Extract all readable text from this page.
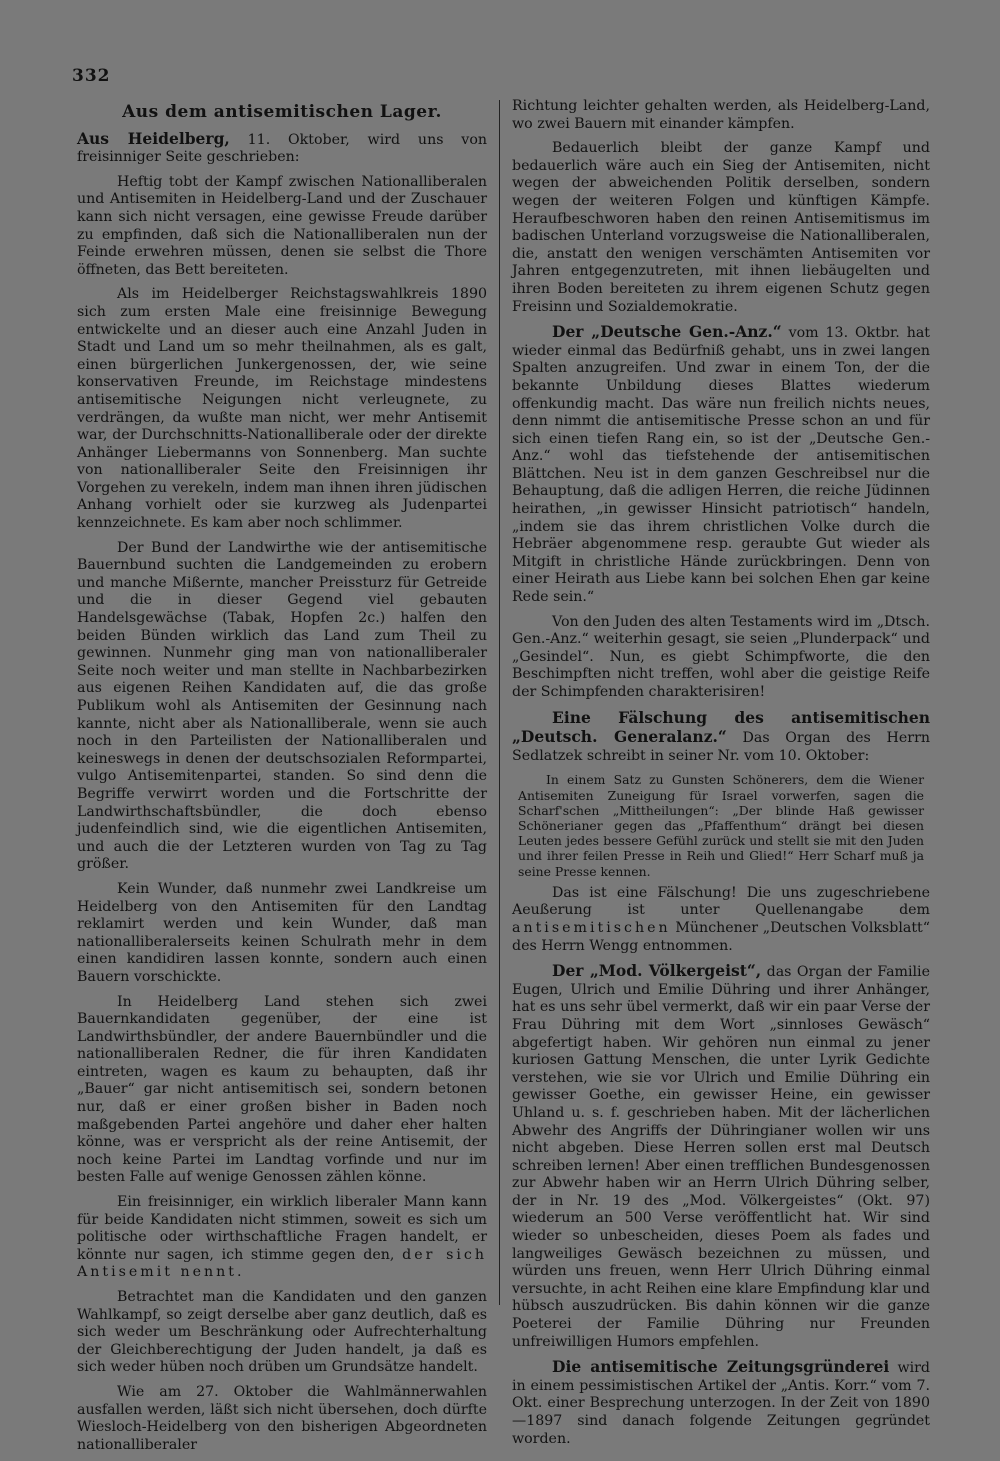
332
Aus dem antisemitischen Lager.

Aus Heidelberg, 11. Oktober, wird uns von freisinniger Seite geschrieben:

Heftig tobt der Kampf zwischen Nationalliberalen und Antisemiten in Heidelberg-Land und der Zuschauer kann sich nicht versagen, eine gewisse Freude darüber zu empfinden, daß sich die Nationalliberalen nun der Feinde erwehren müssen, denen sie selbst die Thore öffneten, das Bett bereiteten.

Als im Heidelberger Reichstagswahlkreis 1890 sich zum ersten Male eine freisinnige Bewegung entwickelte und an dieser auch eine Anzahl Juden in Stadt und Land um so mehr theilnahmen, als es galt, einen bürgerlichen Junkergenossen, der, wie seine konservativen Freunde, im Reichstage mindestens antisemitische Neigungen nicht verleugnete, zu verdrängen, da wußte man nicht, wer mehr Antisemit war, der Durchschnitts-Nationalliberale oder der direkte Anhänger Liebermanns von Sonnenberg. Man suchte von nationalliberaler Seite den Freisinnigen ihr Vorgehen zu verekeln, indem man ihnen ihren jüdischen Anhang vorhielt oder sie kurzweg als Judenpartei kennzeichnete. Es kam aber noch schlimmer.

Der Bund der Landwirthe wie der antisemitische Bauernbund suchten die Landgemeinden zu erobern und manche Mißernte, mancher Preissturz für Getreide und die in dieser Gegend viel gebauten Handelsgewächse (Tabak, Hopfen 2c.) halfen den beiden Bünden wirklich das Land zum Theil zu gewinnen. Nunmehr ging man von nationalliberaler Seite noch weiter und man stellte in Nachbarbezirken aus eigenen Reihen Kandidaten auf, die das große Publikum wohl als Antisemiten der Gesinnung nach kannte, nicht aber als Nationalliberale, wenn sie auch noch in den Parteilisten der Nationalliberalen und keineswegs in denen der deutschsozialen Reformpartei, vulgo Antisemitenpartei, standen. So sind denn die Begriffe verwirrt worden und die Fortschritte der Landwirthschaftsbündler, die doch ebenso judenfeindlich sind, wie die eigentlichen Antisemiten, und auch die der Letzteren wurden von Tag zu Tag größer.

Kein Wunder, daß nunmehr zwei Landkreise um Heidelberg von den Antisemiten für den Landtag reklamirt werden und kein Wunder, daß man nationalliberalerseits keinen Schulrath mehr in dem einen kandidiren lassen konnte, sondern auch einen Bauern vorschickte.

In Heidelberg Land stehen sich zwei Bauernkandidaten gegenüber, der eine ist Landwirthsbündler, der andere Bauernbündler und die nationalliberalen Redner, die für ihren Kandidaten eintreten, wagen es kaum zu behaupten, daß ihr „Bauer“ gar nicht antisemitisch sei, sondern betonen nur, daß er einer großen bisher in Baden noch maßgebenden Partei angehöre und daher eher halten könne, was er verspricht als der reine Antisemit, der noch keine Partei im Landtag vorfinde und nur im besten Falle auf wenige Genossen zählen könne.

Ein freisinniger, ein wirklich liberaler Mann kann für beide Kandidaten nicht stimmen, soweit es sich um politische oder wirthschaftliche Fragen handelt, er könnte nur sagen, ich stimme gegen den, der sich Antisemit nennt.

Betrachtet man die Kandidaten und den ganzen Wahlkampf, so zeigt derselbe aber ganz deutlich, daß es sich weder um Beschränkung oder Aufrechterhaltung der Gleichberechtigung der Juden handelt, ja daß es sich weder hüben noch drüben um Grundsätze handelt.

Wie am 27. Oktober die Wahlmännerwahlen ausfallen werden, läßt sich nicht übersehen, doch dürfte Wiesloch-Heidelberg von den bisherigen Abgeordneten nationalliberaler

Richtung leichter gehalten werden, als Heidelberg-Land, wo zwei Bauern mit einander kämpfen.

Bedauerlich bleibt der ganze Kampf und bedauerlich wäre auch ein Sieg der Antisemiten, nicht wegen der abweichenden Politik derselben, sondern wegen der weiteren Folgen und künftigen Kämpfe. Heraufbeschworen haben den reinen Antisemitismus im badischen Unterland vorzugsweise die Nationalliberalen, die, anstatt den wenigen verschämten Antisemiten vor Jahren entgegenzutreten, mit ihnen liebäugelten und ihren Boden bereiteten zu ihrem eigenen Schutz gegen Freisinn und Sozialdemokratie.

Der „Deutsche Gen.-Anz.“ vom 13. Oktbr. hat wieder einmal das Bedürfniß gehabt, uns in zwei langen Spalten anzugreifen. Und zwar in einem Ton, der die bekannte Unbildung dieses Blattes wiederum offenkundig macht. Das wäre nun freilich nichts neues, denn nimmt die antisemitische Presse schon an und für sich einen tiefen Rang ein, so ist der „Deutsche Gen.-Anz.“ wohl das tiefstehende der antisemitischen Blättchen. Neu ist in dem ganzen Geschreibsel nur die Behauptung, daß die adligen Herren, die reiche Jüdinnen heirathen, „in gewisser Hinsicht patriotisch“ handeln, „indem sie das ihrem christlichen Volke durch die Hebräer abgenommene resp. geraubte Gut wieder als Mitgift in christliche Hände zurückbringen. Denn von einer Heirath aus Liebe kann bei solchen Ehen gar keine Rede sein.“

Von den Juden des alten Testaments wird im „Dtsch. Gen.-Anz.“ weiterhin gesagt, sie seien „Plunderpack“ und „Gesindel“. Nun, es giebt Schimpfworte, die den Beschimpften nicht treffen, wohl aber die geistige Reife der Schimpfenden charakterisiren!

Eine Fälschung des antisemitischen „Deutsch. Generalanz.“ Das Organ des Herrn Sedlatzek schreibt in seiner Nr. vom 10. Oktober:

In einem Satz zu Gunsten Schönerers, dem die Wiener Antisemiten Zuneigung für Israel vorwerfen, sagen die Scharf'schen „Mittheilungen“: „Der blinde Haß gewisser Schönerianer gegen das „Pfaffenthum“ drängt bei diesen Leuten jedes bessere Gefühl zurück und stellt sie mit den Juden und ihrer feilen Presse in Reih und Glied!“ Herr Scharf muß ja seine Presse kennen.

Das ist eine Fälschung! Die uns zugeschriebene Aeußerung ist unter Quellenangabe dem antisemitischen Münchener „Deutschen Volksblatt“ des Herrn Wengg entnommen.

Der „Mod. Völkergeist“, das Organ der Familie Eugen, Ulrich und Emilie Dühring und ihrer Anhänger, hat es uns sehr übel vermerkt, daß wir ein paar Verse der Frau Dühring mit dem Wort „sinnloses Gewäsch“ abgefertigt haben. Wir gehören nun einmal zu jener kuriosen Gattung Menschen, die unter Lyrik Gedichte verstehen, wie sie vor Ulrich und Emilie Dühring ein gewisser Goethe, ein gewisser Heine, ein gewisser Uhland u. s. f. geschrieben haben. Mit der lächerlichen Abwehr des Angriffs der Dühringianer wollen wir uns nicht abgeben. Diese Herren sollen erst mal Deutsch schreiben lernen! Aber einen trefflichen Bundesgenossen zur Abwehr haben wir an Herrn Ulrich Dühring selber, der in Nr. 19 des „Mod. Völkergeistes“ (Okt. 97) wiederum an 500 Verse veröffentlicht hat. Wir sind wieder so unbescheiden, dieses Poem als fades und langweiliges Gewäsch bezeichnen zu müssen, und würden uns freuen, wenn Herr Ulrich Dühring einmal versuchte, in acht Reihen eine klare Empfindung klar und hübsch auszudrücken. Bis dahin können wir die ganze Poeterei der Familie Dühring nur Freunden unfreiwilligen Humors empfehlen.

Die antisemitische Zeitungsgründerei wird in einem pessimistischen Artikel der „Antis. Korr.“ vom 7. Okt. einer Besprechung unterzogen. In der Zeit von 1890—1897 sind danach folgende Zeitungen gegründet worden.
